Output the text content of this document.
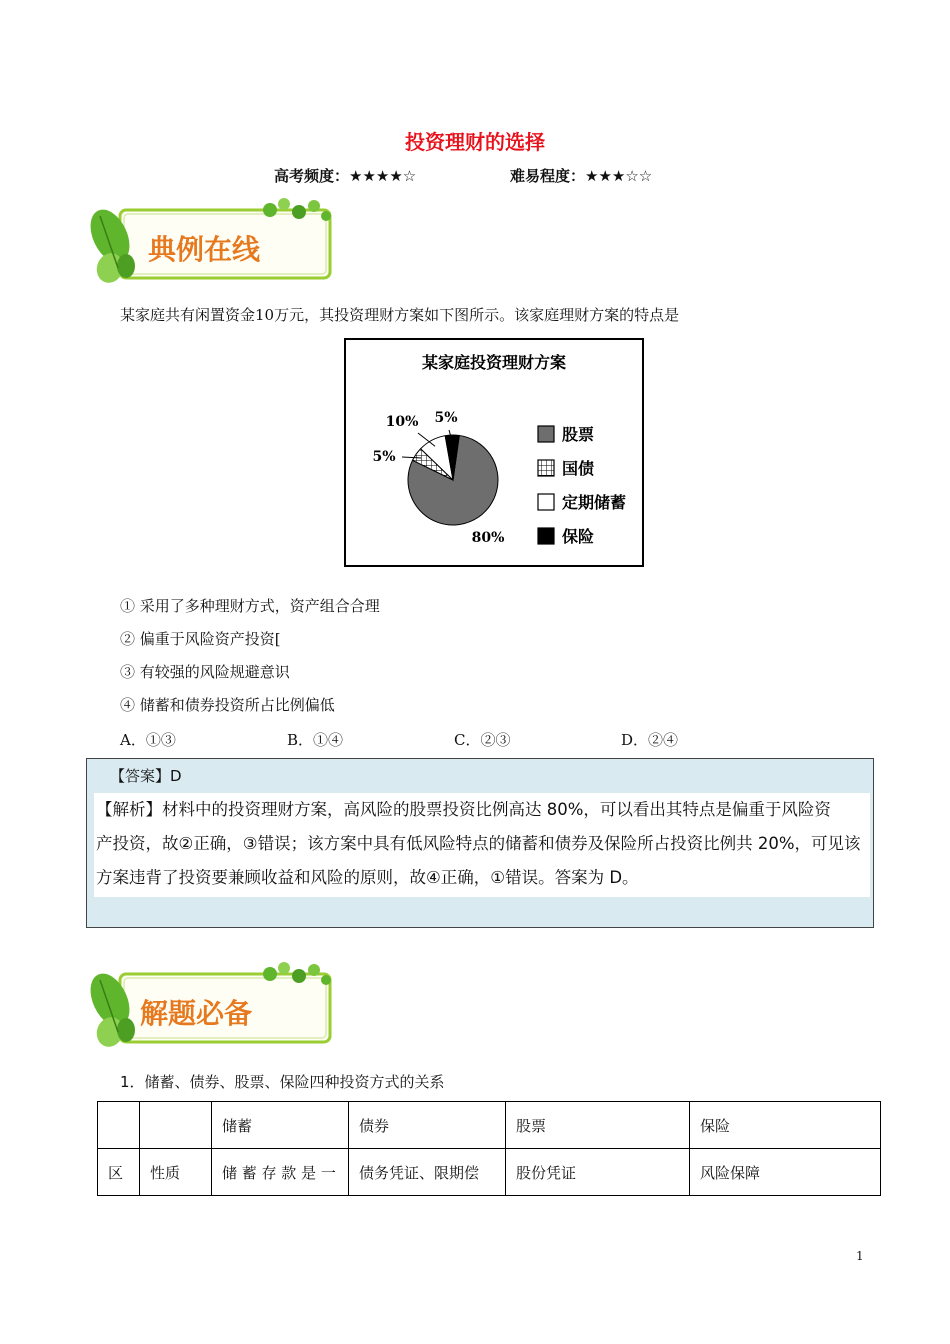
投资理财的选择
高考频度：★★★★☆	难易程度：★★★☆☆
典例在线
某家庭共有闲置资金10万元，其投资理财方案如下图所示。该家庭理财方案的特点是
某家庭投资理财方案
80%
5%
10% 5%
股票
国债
定期储蓄
保险
① 采用了多种理财方式，资产组合合理
② 偏重于风险资产投资[
③ 有较强的风险规避意识
④ 储蓄和债券投资所占比例偏低
A．①③	B．①④	C．②③	D．②④
【答案】D

【解析】材料中的投资理财方案，高风险的股票投资比例高达 80%，可以看出其特点是偏重于风险资

产投资，故②正确，③错误；该方案中具有低风险特点的储蓄和债券及保险所占投资比例共 20%，可见该

方案违背了投资要兼顾收益和风险的原则，故④正确，①错误。答案为 D。

解题必备
1．储蓄、债券、股票、保险四种投资方式的关系
		储蓄	债券	股票	保险
区	性质	储 蓄 存 款 是 一	债务凭证、限期偿	股份凭证	风险保障
1
